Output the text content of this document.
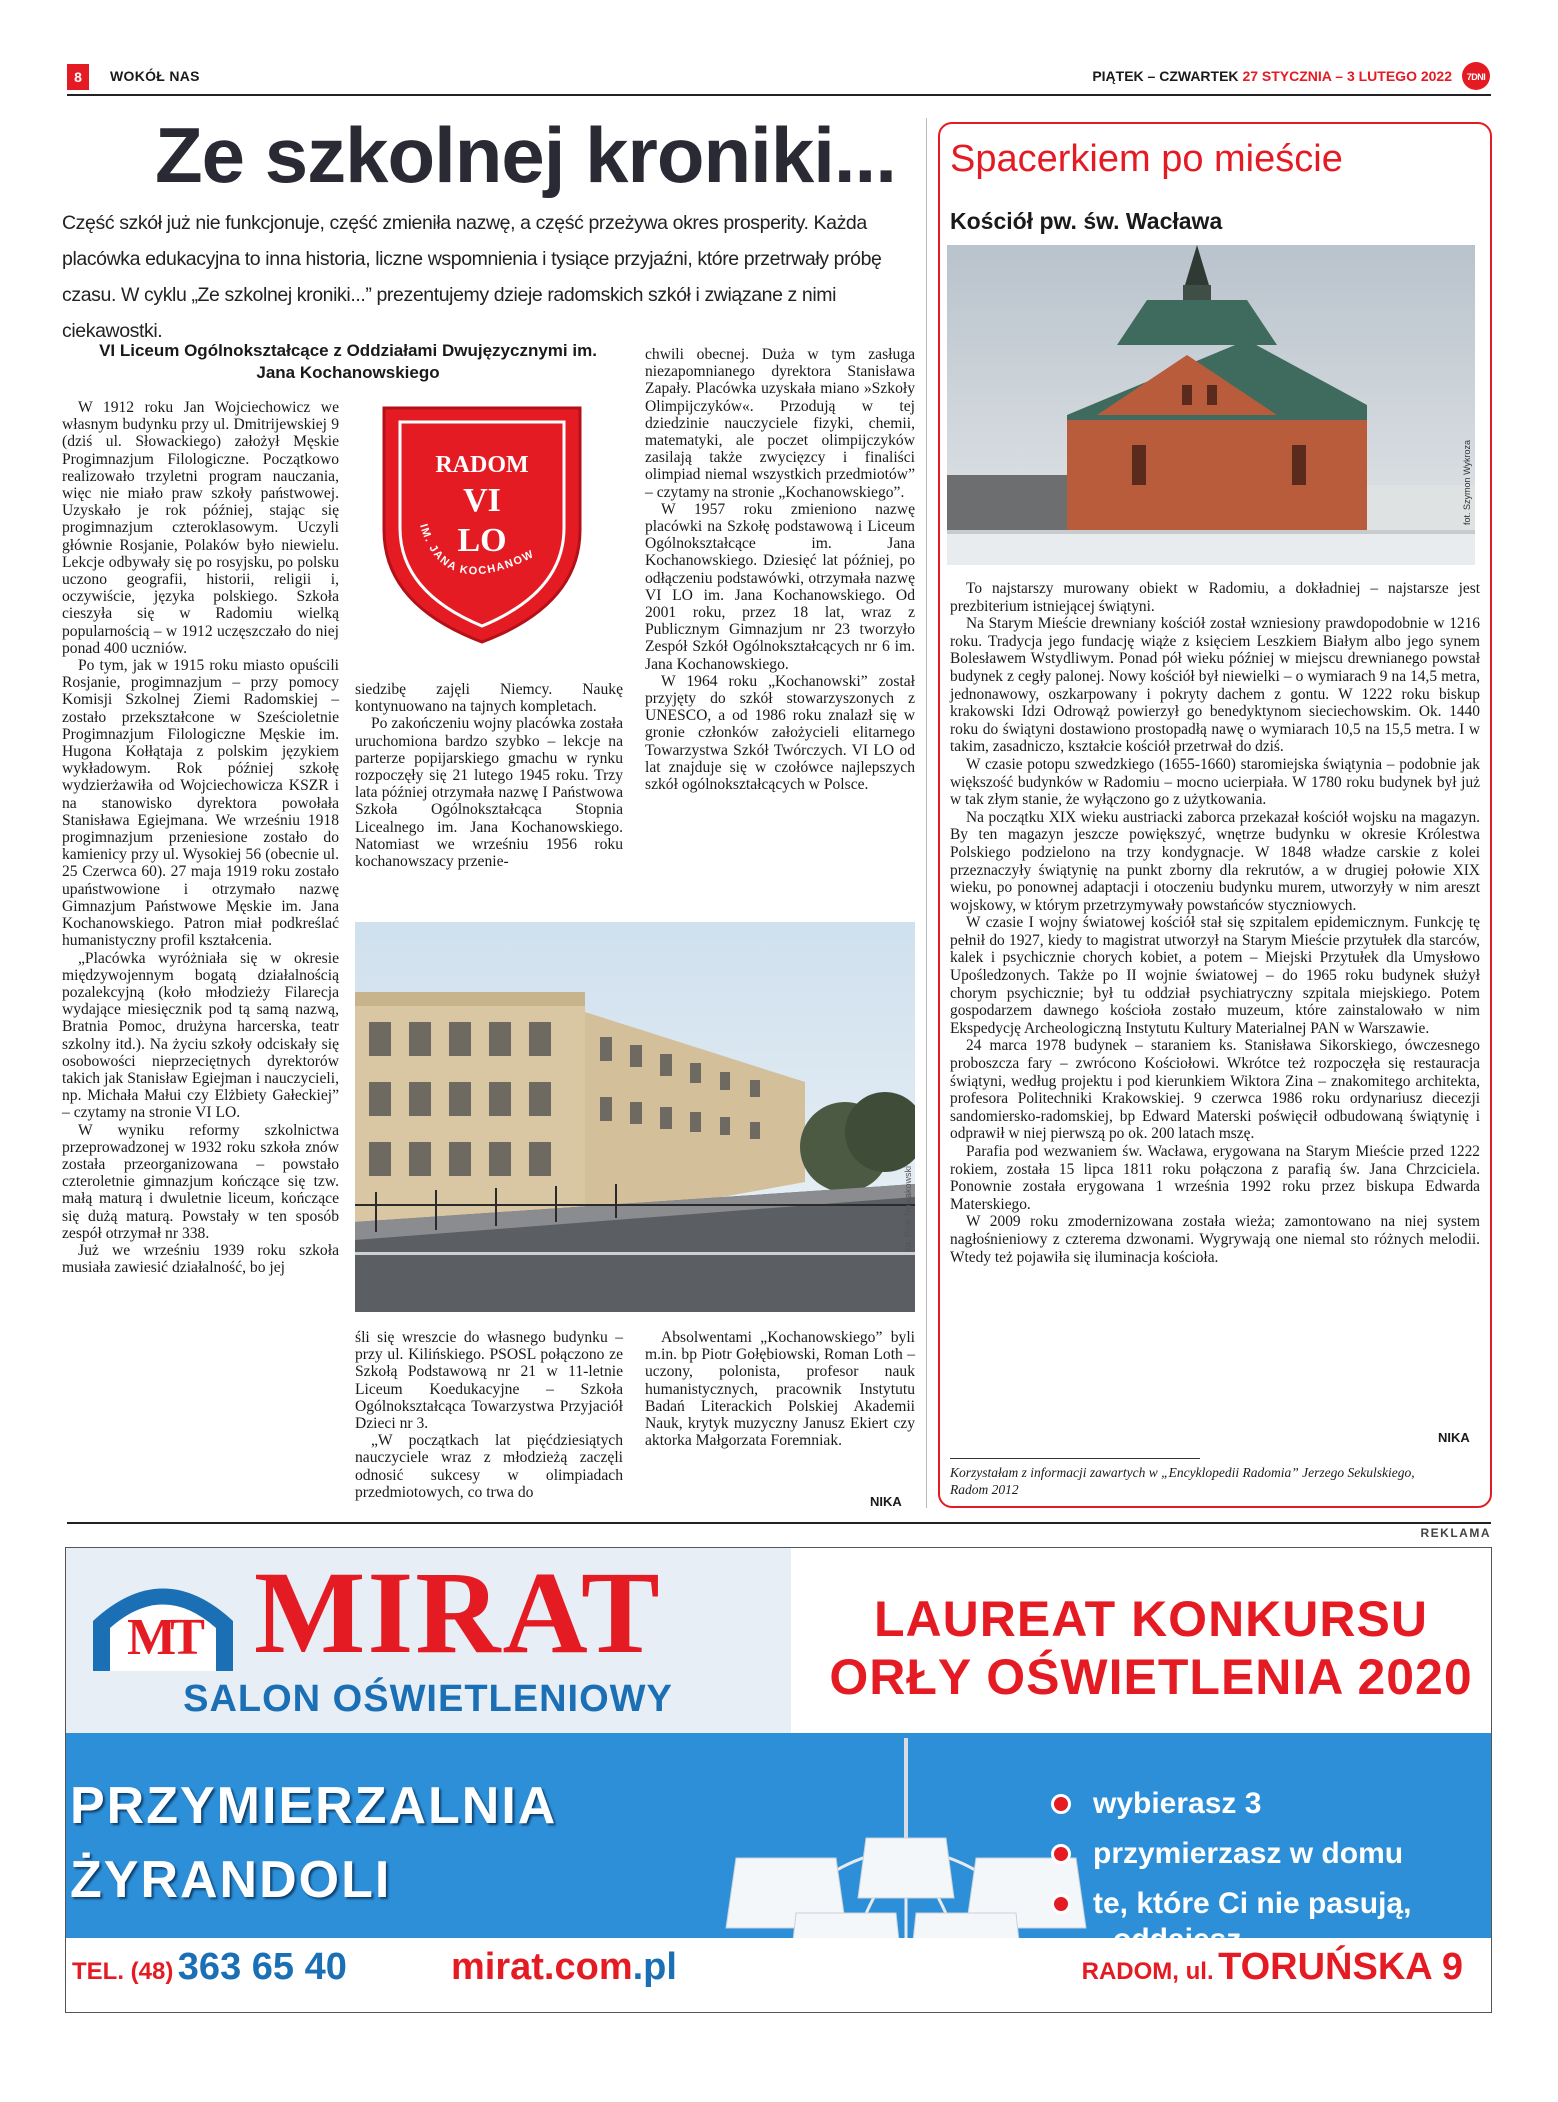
8	WOKÓŁ NAS	PIĄTEK – CZWARTEK 27 STYCZNIA – 3 LUTEGO 2022	7DNI
Ze szkolnej kroniki...
Część szkół już nie funkcjonuje, część zmieniła nazwę, a część przeżywa okres prosperity. Każda placówka edukacyjna to inna historia, liczne wspomnienia i tysiące przyjaźni, które przetrwały próbę czasu. W cyklu „Ze szkolnej kroniki...” prezentujemy dzieje radomskich szkół i związane z nimi ciekawostki.
VI Liceum Ogólnokształcące z Oddziałami Dwujęzycznymi im. Jana Kochanowskiego

W 1912 roku Jan Wojciechowicz we własnym budynku przy ul. Dmitrijewskiej 9 (dziś ul. Słowackiego) założył Męskie Progimnazjum Filologiczne. Początkowo realizowało trzyletni program nauczania, więc nie miało praw szkoły państwowej. Uzyskało je rok później, stając się progimnazjum czteroklasowym. Uczyli głównie Rosjanie, Polaków było niewielu. Lekcje odbywały się po rosyjsku, po polsku uczono geografii, historii, religii i, oczywiście, języka polskiego. Szkoła cieszyła się w Radomiu wielką popularnością – w 1912 uczęszczało do niej ponad 400 uczniów.

Po tym, jak w 1915 roku miasto opuścili Rosjanie, progimnazjum – przy pomocy Komisji Szkolnej Ziemi Radomskiej – zostało przekształcone w Sześcioletnie Progimnazjum Filologiczne Męskie im. Hugona Kołłątaja z polskim językiem wykładowym. Rok później szkołę wydzierżawiła od Wojciechowicza KSZR i na stanowisko dyrektora powołała Stanisława Egiejmana. We wrześniu 1918 progimnazjum przeniesione zostało do kamienicy przy ul. Wysokiej 56 (obecnie ul. 25 Czerwca 60). 27 maja 1919 roku zostało upaństwowione i otrzymało nazwę Gimnazjum Państwowe Męskie im. Jana Kochanowskiego. Patron miał podkreślać humanistyczny profil kształcenia.

„Placówka wyróżniała się w okresie międzywojennym bogatą działalnością pozalekcyjną (koło młodzieży Filarecja wydające miesięcznik pod tą samą nazwą, Bratnia Pomoc, drużyna harcerska, teatr szkolny itd.). Na życiu szkoły odciskały się osobowości nieprzeciętnych dyrektorów takich jak Stanisław Egiejman i nauczycieli, np. Michała Małui czy Elżbiety Gałeckiej” – czytamy na stronie VI LO.

W wyniku reformy szkolnictwa przeprowadzonej w 1932 roku szkoła znów została przeorganizowana – powstało czteroletnie gimnazjum kończące się tzw. małą maturą i dwuletnie liceum, kończące się dużą maturą. Powstały w ten sposób zespół otrzymał nr 338.

Już we wrześniu 1939 roku szkoła musiała zawiesić działalność, bo jej

IM. JANA KOCHANOW
RADOM
VI
LO

siedzibę zajęli Niemcy. Naukę kontynuowano na tajnych kompletach.

Po zakończeniu wojny placówka została uruchomiona bardzo szybko – lekcje na parterze popijarskiego gmachu w rynku rozpoczęły się 21 lutego 1945 roku. Trzy lata później otrzymała nazwę I Państwowa Szkoła Ogólnokształcąca Stopnia Licealnego im. Jana Kochanowskiego. Natomiast we wrześniu 1956 roku kochanowszacy przenie-

chwili obecnej. Duża w tym zasługa niezapomnianego dyrektora Stanisława Zapały. Placówka uzyskała miano »Szkoły Olimpijczyków«. Przodują w tej dziedzinie nauczyciele fizyki, chemii, matematyki, ale poczet olimpijczyków zasilają także zwycięzcy i finaliści olimpiad niemal wszystkich przedmiotów” – czytamy na stronie „Kochanowskiego”.

W 1957 roku zmieniono nazwę placówki na Szkołę podstawową i Liceum Ogólnokształcące im. Jana Kochanowskiego. Dziesięć lat później, po odłączeniu podstawówki, otrzymała nazwę VI LO im. Jana Kochanowskiego. Od 2001 roku, przez 18 lat, wraz z Publicznym Gimnazjum nr 23 tworzyło Zespół Szkół Ogólnokształcących nr 6 im. Jana Kochanowskiego.

W 1964 roku „Kochanowski” został przyjęty do szkół stowarzyszonych z UNESCO, a od 1986 roku znalazł się w gronie członków założycieli elitarnego Towarzystwa Szkół Twórczych. VI LO od lat znajduje się w czołówce najlepszych szkół ogólnokształcących w Polsce.

fot. Piotr Nowakowski

śli się wreszcie do własnego budynku – przy ul. Kilińskiego. PSOSL połączono ze Szkołą Podstawową nr 21 w 11-letnie Liceum Koedukacyjne – Szkoła Ogólnokształcąca Towarzystwa Przyjaciół Dzieci nr 3.

„W początkach lat pięćdziesiątych nauczyciele wraz z młodzieżą zaczęli odnosić sukcesy w olimpiadach przedmiotowych, co trwa do

Absolwentami „Kochanowskiego” byli m.in. bp Piotr Gołębiowski, Roman Loth – uczony, polonista, profesor nauk humanistycznych, pracownik Instytutu Badań Literackich Polskiej Akademii Nauk, krytyk muzyczny Janusz Ekiert czy aktorka Małgorzata Foremniak.

NIKA
Spacerkiem po mieście
Kościół pw. św. Wacława
fot. Szymon Wykroza

To najstarszy murowany obiekt w Radomiu, a dokładniej – najstarsze jest prezbiterium istniejącej świątyni.

Na Starym Mieście drewniany kościół został wzniesiony prawdopodobnie w 1216 roku. Tradycja jego fundację wiąże z księciem Leszkiem Białym albo jego synem Bolesławem Wstydliwym. Ponad pół wieku później w miejscu drewnianego powstał budynek z cegły palonej. Nowy kościół był niewielki – o wymiarach 9 na 14,5 metra, jednonawowy, oszkarpowany i pokryty dachem z gontu. W 1222 roku biskup krakowski Idzi Odrowąż powierzył go benedyktynom sieciechowskim. Ok. 1440 roku do świątyni dostawiono prostopadłą nawę o wymiarach 10,5 na 15,5 metra. I w takim, zasadniczo, kształcie kościół przetrwał do dziś.

W czasie potopu szwedzkiego (1655-1660) staromiejska świątynia – podobnie jak większość budynków w Radomiu – mocno ucierpiała. W 1780 roku budynek był już w tak złym stanie, że wyłączono go z użytkowania.

Na początku XIX wieku austriacki zaborca przekazał kościół wojsku na magazyn. By ten magazyn jeszcze powiększyć, wnętrze budynku w okresie Królestwa Polskiego podzielono na trzy kondygnacje. W 1848 władze carskie z kolei przeznaczyły świątynię na punkt zborny dla rekrutów, a w drugiej połowie XIX wieku, po ponownej adaptacji i otoczeniu budynku murem, utworzyły w nim areszt wojskowy, w którym przetrzymywały powstańców styczniowych.

W czasie I wojny światowej kościół stał się szpitalem epidemicznym. Funkcję tę pełnił do 1927, kiedy to magistrat utworzył na Starym Mieście przytułek dla starców, kalek i psychicznie chorych kobiet, a potem – Miejski Przytułek dla Umysłowo Upośledzonych. Także po II wojnie światowej – do 1965 roku budynek służył chorym psychicznie; był tu oddział psychiatryczny szpitala miejskiego. Potem gospodarzem dawnego kościoła zostało muzeum, które zainstalowało w nim Ekspedycję Archeologiczną Instytutu Kultury Materialnej PAN w Warszawie.

24 marca 1978 budynek – staraniem ks. Stanisława Sikorskiego, ówczesnego proboszcza fary – zwrócono Kościołowi. Wkrótce też rozpoczęła się restauracja świątyni, według projektu i pod kierunkiem Wiktora Zina – znakomitego architekta, profesora Politechniki Krakowskiej. 9 czerwca 1986 roku ordynariusz diecezji sandomiersko-radomskiej, bp Edward Materski poświęcił odbudowaną świątynię i odprawił w niej pierwszą po ok. 200 latach mszę.

Parafia pod wezwaniem św. Wacława, erygowana na Starym Mieście przed 1222 rokiem, została 15 lipca 1811 roku połączona z parafią św. Jana Chrzciciela. Ponownie została erygowana 1 września 1992 roku przez biskupa Edwarda Materskiego.

W 2009 roku zmodernizowana została wieża; zamontowano na niej system nagłośnieniowy z czterema dzwonami. Wygrywają one niemal sto różnych melodii. Wtedy też pojawiła się iluminacja kościoła.

NIKA
Korzystałam z informacji zawartych w „Encyklopedii Radomia” Jerzego Sekulskiego, Radom 2012
REKLAMA
MT MIRAT
SALON OŚWIETLENIOWY
LAUREAT KONKURSU
ORŁY OŚWIETLENIA 2020
PRZYMIERZALNIA
ŻYRANDOLI
wybierasz 3
przymierzasz w domu
te, które Ci nie pasują,
TEL. (48) 363 65 40	mirat.com.pl	RADOM, ul. TORUŃSKA 9
